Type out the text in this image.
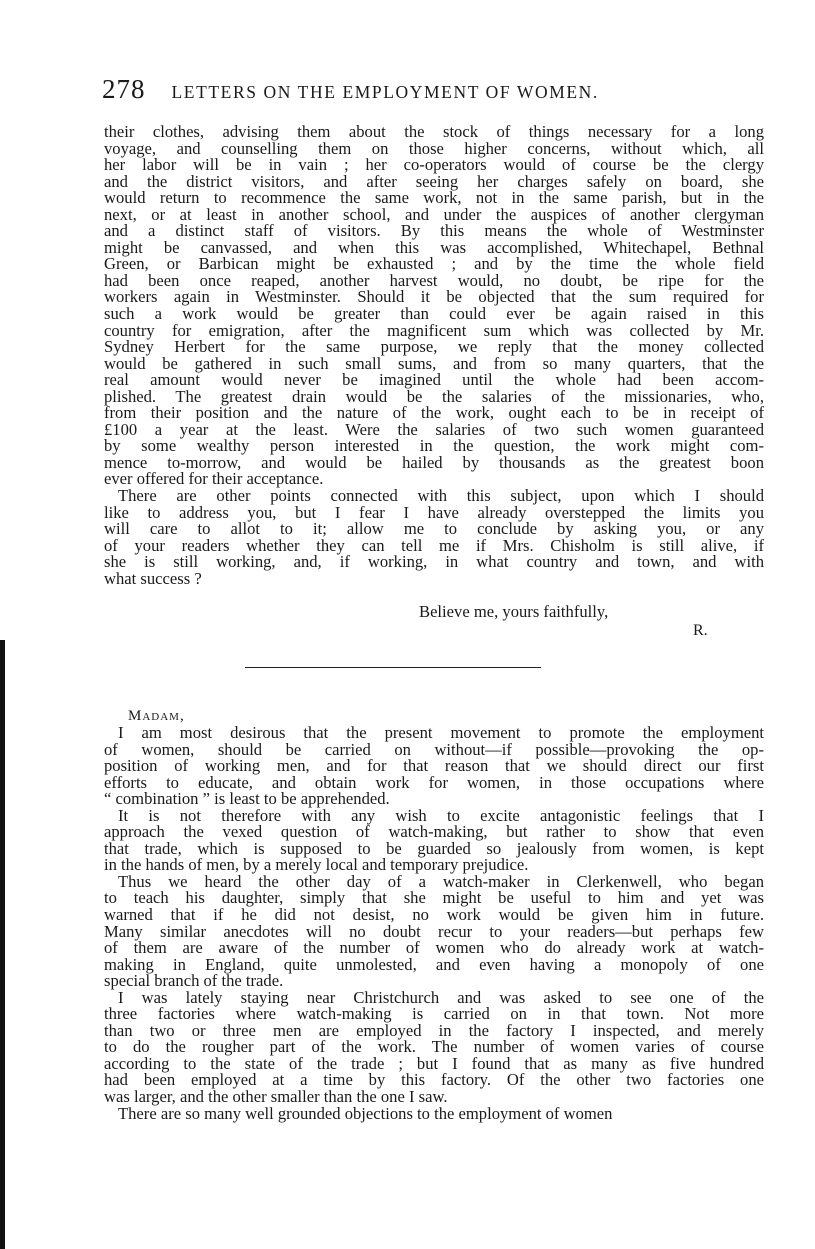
278 LETTERS ON THE EMPLOYMENT OF WOMEN.
their clothes, advising them about the stock of things necessary for a long
voyage, and counselling them on those higher concerns, without which, all
her labor will be in vain ; her co-operators would of course be the clergy
and the district visitors, and after seeing her charges safely on board, she
would return to recommence the same work, not in the same parish, but in the
next, or at least in another school, and under the auspices of another clergyman
and a distinct staff of visitors. By this means the whole of Westminster
might be canvassed, and when this was accomplished, Whitechapel, Bethnal
Green, or Barbican might be exhausted ; and by the time the whole field
had been once reaped, another harvest would, no doubt, be ripe for the
workers again in Westminster. Should it be objected that the sum required for
such a work would be greater than could ever be again raised in this
country for emigration, after the magnificent sum which was collected by Mr.
Sydney Herbert for the same purpose, we reply that the money collected
would be gathered in such small sums, and from so many quarters, that the
real amount would never be imagined until the whole had been accom-
plished. The greatest drain would be the salaries of the missionaries, who,
from their position and the nature of the work, ought each to be in receipt of
£100 a year at the least. Were the salaries of two such women guaranteed
by some wealthy person interested in the question, the work might com-
mence to-morrow, and would be hailed by thousands as the greatest boon
ever offered for their acceptance.
There are other points connected with this subject, upon which I should
like to address you, but I fear I have already overstepped the limits you
will care to allot to it; allow me to conclude by asking you, or any
of your readers whether they can tell me if Mrs. Chisholm is still alive, if
she is still working, and, if working, in what country and town, and with
what success ?
Believe me, yours faithfully,
R.
Madam,
I am most desirous that the present movement to promote the employment
of women, should be carried on without—if possible—provoking the op-
position of working men, and for that reason that we should direct our first
efforts to educate, and obtain work for women, in those occupations where
“ combination ” is least to be apprehended.
It is not therefore with any wish to excite antagonistic feelings that I
approach the vexed question of watch-making, but rather to show that even
that trade, which is supposed to be guarded so jealously from women, is kept
in the hands of men, by a merely local and temporary prejudice.
Thus we heard the other day of a watch-maker in Clerkenwell, who began
to teach his daughter, simply that she might be useful to him and yet was
warned that if he did not desist, no work would be given him in future.
Many similar anecdotes will no doubt recur to your readers—but perhaps few
of them are aware of the number of women who do already work at watch-
making in England, quite unmolested, and even having a monopoly of one
special branch of the trade.
I was lately staying near Christchurch and was asked to see one of the
three factories where watch-making is carried on in that town. Not more
than two or three men are employed in the factory I inspected, and merely
to do the rougher part of the work. The number of women varies of course
according to the state of the trade ; but I found that as many as five hundred
had been employed at a time by this factory. Of the other two factories one
was larger, and the other smaller than the one I saw.
There are so many well grounded objections to the employment of women
